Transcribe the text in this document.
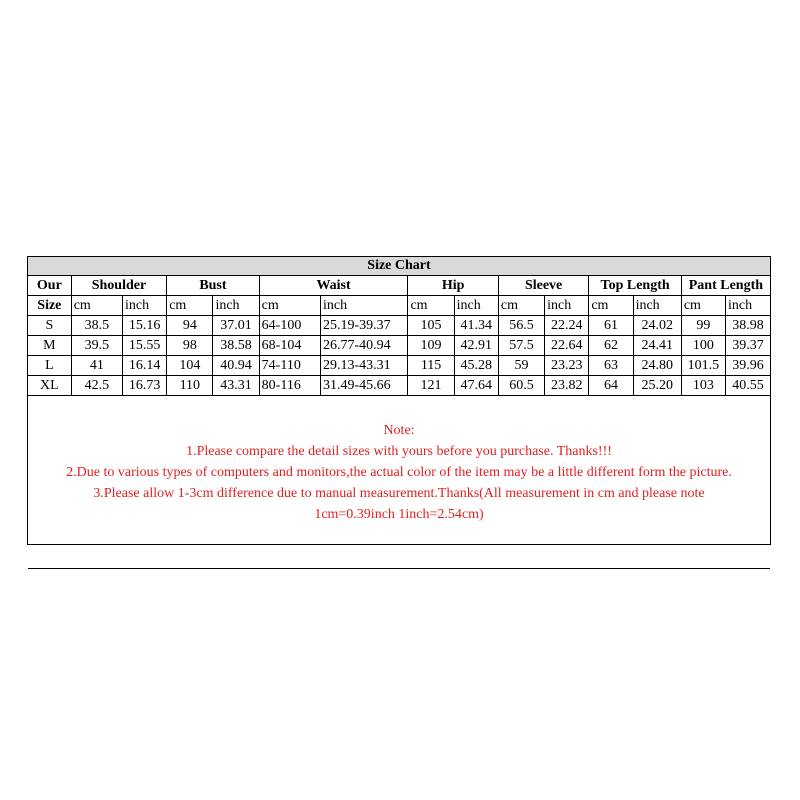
Size Chart														
Our	Shoulder		Bust		Waist		Hip		Sleeve		Top Length		Pant Length	
Size	cm	inch	cm	inch	cm	inch	cm	inch	cm	inch	cm	inch	cm	inch
S	38.5	15.16	94	37.01	64-100	25.19-39.37	105	41.34	56.5	22.24	61	24.02	99	38.98
M	39.5	15.55	98	38.58	68-104	26.77-40.94	109	42.91	57.5	22.64	62	24.41	100	39.37
L	41	16.14	104	40.94	74-110	29.13-43.31	115	45.28	59	23.23	63	24.80	101.5	39.96
XL	42.5	16.73	110	43.31	80-116	31.49-45.66	121	47.64	60.5	23.82	64	25.20	103	40.55

Note:
1.Please compare the detail sizes with yours before you purchase. Thanks!!!
2.Due to various types of computers and monitors,the actual color of the item may be a little different form the picture.
3.Please allow 1-3cm difference due to manual measurement.Thanks(All measurement in cm and please note
1cm=0.39inch 1inch=2.54cm)														
